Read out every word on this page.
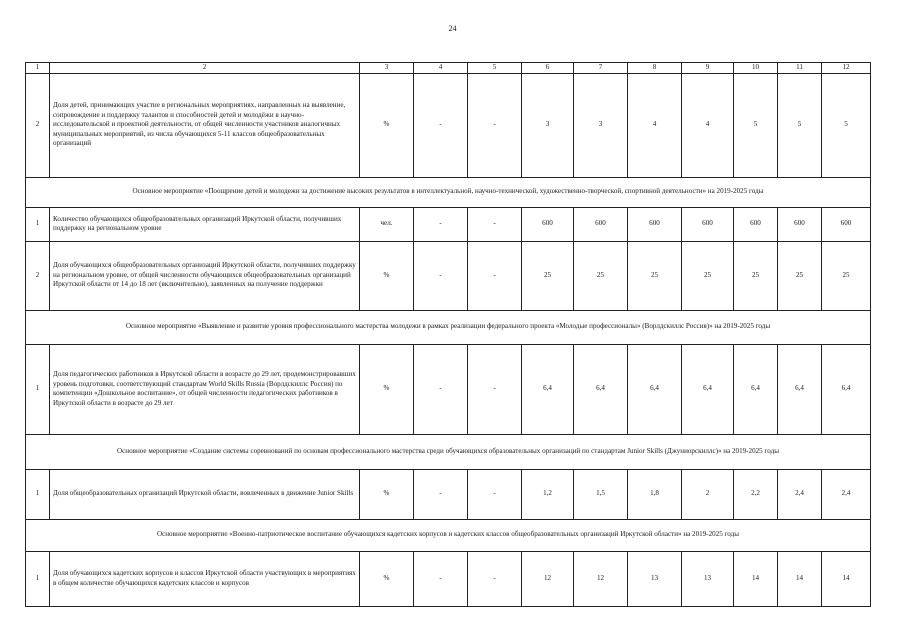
24
1	2	3	4	5	6	7	8	9	10	11	12
2	Доля детей, принимающих участие в региональных мероприятиях, направленных на выявление, сопровождение и поддержку талантов и способностей детей и молодёжи в научно-исследовательской и проектной деятельности, от общей численности участников аналогичных муниципальных мероприятий, из числа обучающихся 5-11 классов общеобразовательных организаций	%	-	-	3	3	4	4	5	5	5
Основное мероприятие «Поощрение детей и молодежи за достижение высоких результатов в интеллектуальной, научно-технической, художественно-творческой, спортивной деятельности» на 2019-2025 годы											
1	Количество обучающихся общеобразовательных организаций Иркутской области, получивших поддержку на региональном уровне	чел.	-	-	600	600	600	600	600	600	600
2	Доля обучающихся общеобразовательных организаций Иркутской области, получивших поддержку на региональном уровне, от общей численности обучающихся общеобразовательных организаций Иркутской области от 14 до 18 лет (включительно), заявленных на получение поддержки	%	-	-	25	25	25	25	25	25	25
Основное мероприятие «Выявление и развитие уровня профессионального мастерства молодежи в рамках реализации федерального проекта «Молодые профессионалы» (Ворлдскиллс Россия)» на 2019-2025 годы											
1	Доля педагогических работников в Иркутской области в возрасте до 29 лет, продемонстрировавших уровень подготовки, соответствующий стандартам World Skills Russia (Ворлдскиллс Россия) по компетенции «Дошкольное воспитание», от общей численности педагогических работников в Иркутской области в возрасте до 29 лет	%	-	-	6,4	6,4	6,4	6,4	6,4	6,4	6,4
Основное мероприятие «Создание системы соревнований по основам профессионального мастерства среди обучающихся образовательных организаций по стандартам Junior Skills (Джуниорскиллс)» на 2019-2025 годы											
1	Доля общеобразовательных организаций Иркутской области, вовлеченных в движение Junior Skills	%	-	-	1,2	1,5	1,8	2	2,2	2,4	2,4
Основное мероприятие «Военно-патриотическое воспитание обучающихся кадетских корпусов и кадетских классов общеобразовательных организаций Иркутской области» на 2019-2025 годы											
1	Доля обучающихся кадетских корпусов и классов Иркутской области участвующих в мероприятиях в общем количестве обучающихся кадетских классов и корпусов	%	-	-	12	12	13	13	14	14	14
